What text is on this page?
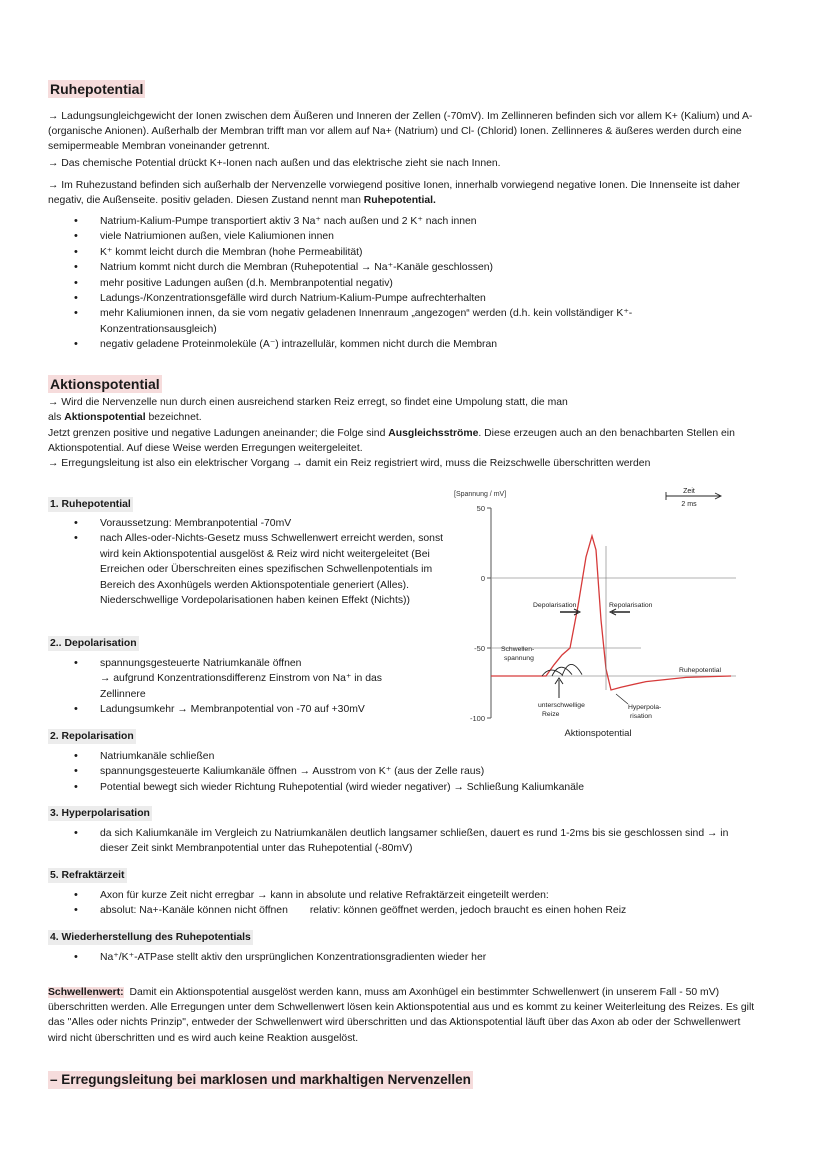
Ruhepotential

→ Ladungsungleichgewicht der Ionen zwischen dem Äußeren und Inneren der Zellen (-70mV). Im Zellinneren befinden sich vor allem K+ (Kalium) und A- (organische Anionen). Außerhalb der Membran trifft man vor allem auf Na+ (Natrium) und Cl- (Chlorid) Ionen. Zellinneres & äußeres werden durch eine semipermeable Membran voneinander getrennt.

→ Das chemische Potential drückt K+-Ionen nach außen und das elektrische zieht sie nach Innen.

→ Im Ruhezustand befinden sich außerhalb der Nervenzelle vorwiegend positive Ionen, innerhalb vorwiegend negative Ionen. Die Innenseite ist daher negativ, die Außenseite. positiv geladen. Diesen Zustand nennt man Ruhepotential.

• Natrium-Kalium-Pumpe transportiert aktiv 3 Na⁺ nach außen und 2 K⁺ nach innen
• viele Natriumionen außen, viele Kaliumionen innen
• K⁺ kommt leicht durch die Membran (hohe Permeabilität)
• Natrium kommt nicht durch die Membran (Ruhepotential → Na⁺-Kanäle geschlossen)
• mehr positive Ladungen außen (d.h. Membranpotential negativ)
• Ladungs-/Konzentrationsgefälle wird durch Natrium-Kalium-Pumpe aufrechterhalten
• mehr Kaliumionen innen, da sie vom negativ geladenen Innenraum „angezogen“ werden (d.h. kein vollständiger K⁺-Konzentrationsausgleich)
• negativ geladene Proteinmoleküle (A⁻) intrazellulär, kommen nicht durch die Membran
Aktionspotential

→ Wird die Nervenzelle nun durch einen ausreichend starken Reiz erregt, so findet eine Umpolung statt, die man

als Aktionspotential bezeichnet.

Jetzt grenzen positive und negative Ladungen aneinander; die Folge sind Ausgleichsströme. Diese erzeugen auch an den benachbarten Stellen ein Aktionspotential. Auf diese Weise werden Erregungen weitergeleitet.

→ Erregungsleitung ist also ein elektrischer Vorgang → damit ein Reiz registriert wird, muss die Reizschwelle überschritten werden

1. Ruhepotential
• Voraussetzung: Membranpotential -70mV
• nach Alles-oder-Nichts-Gesetz muss Schwellenwert erreicht werden, sonst wird kein Aktionspotential ausgelöst & Reiz wird nicht weitergeleitet (Bei Erreichen oder Überschreiten eines spezifischen Schwellenpotentials im Bereich des Axonhügels werden Aktionspotentiale generiert (Alles). Niederschwellige Vordepolarisationen haben keinen Effekt (Nichts))
2.. Depolarisation
• spannungsgesteuerte Natriumkanäle öffnen
→ aufgrund Konzentrationsdifferenz Einstrom von Na⁺ in das Zellinnere
• Ladungsumkehr → Membranpotential von -70 auf +30mV
2. Repolarisation
• Natriumkanäle schließen
• spannungsgesteuerte Kaliumkanäle öffnen → Ausstrom von K⁺ (aus der Zelle raus)
• Potential bewegt sich wieder Richtung Ruhepotential (wird wieder negativer) → Schließung Kaliumkanäle
3. Hyperpolarisation
• da sich Kaliumkanäle im Vergleich zu Natriumkanälen deutlich langsamer schließen, dauert es rund 1-2ms bis sie geschlossen sind → in dieser Zeit sinkt Membranpotential unter das Ruhepotential (-80mV)
5. Refraktärzeit
• Axon für kurze Zeit nicht erregbar → kann in absolute und relative Refraktärzeit eingeteilt werden:
• absolut: Na+-Kanäle können nicht öffnen relativ: können geöffnet werden, jedoch braucht es einen hohen Reiz
4. Wiederherstellung des Ruhepotentials
• Na⁺/K⁺-ATPase stellt aktiv den ursprünglichen Konzentrationsgradienten wieder her

Schwellenwert: Damit ein Aktionspotential ausgelöst werden kann, muss am Axonhügel ein bestimmter Schwellenwert (in unserem Fall - 50 mV) überschritten werden. Alle Erregungen unter dem Schwellenwert lösen kein Aktionspotential aus und es kommt zu keiner Weiterleitung des Reizes. Es gilt das "Alles oder nichts Prinzip", entweder der Schwellenwert wird überschritten und das Aktionspotential läuft über das Axon ab oder der Schwellenwert wird nicht überschritten und es wird auch keine Reaktion ausgelöst.

– Erregungsleitung bei marklosen und markhaltigen Nervenzellen
50
0
-50
-100
[Spannung / mV]
Depolarisation	Repolarisation
Schwellen-
spannung
Ruhepotential
unterschwellige
Reize
Hyperpola-
risation
Zeit
2 ms
Aktionspotential
